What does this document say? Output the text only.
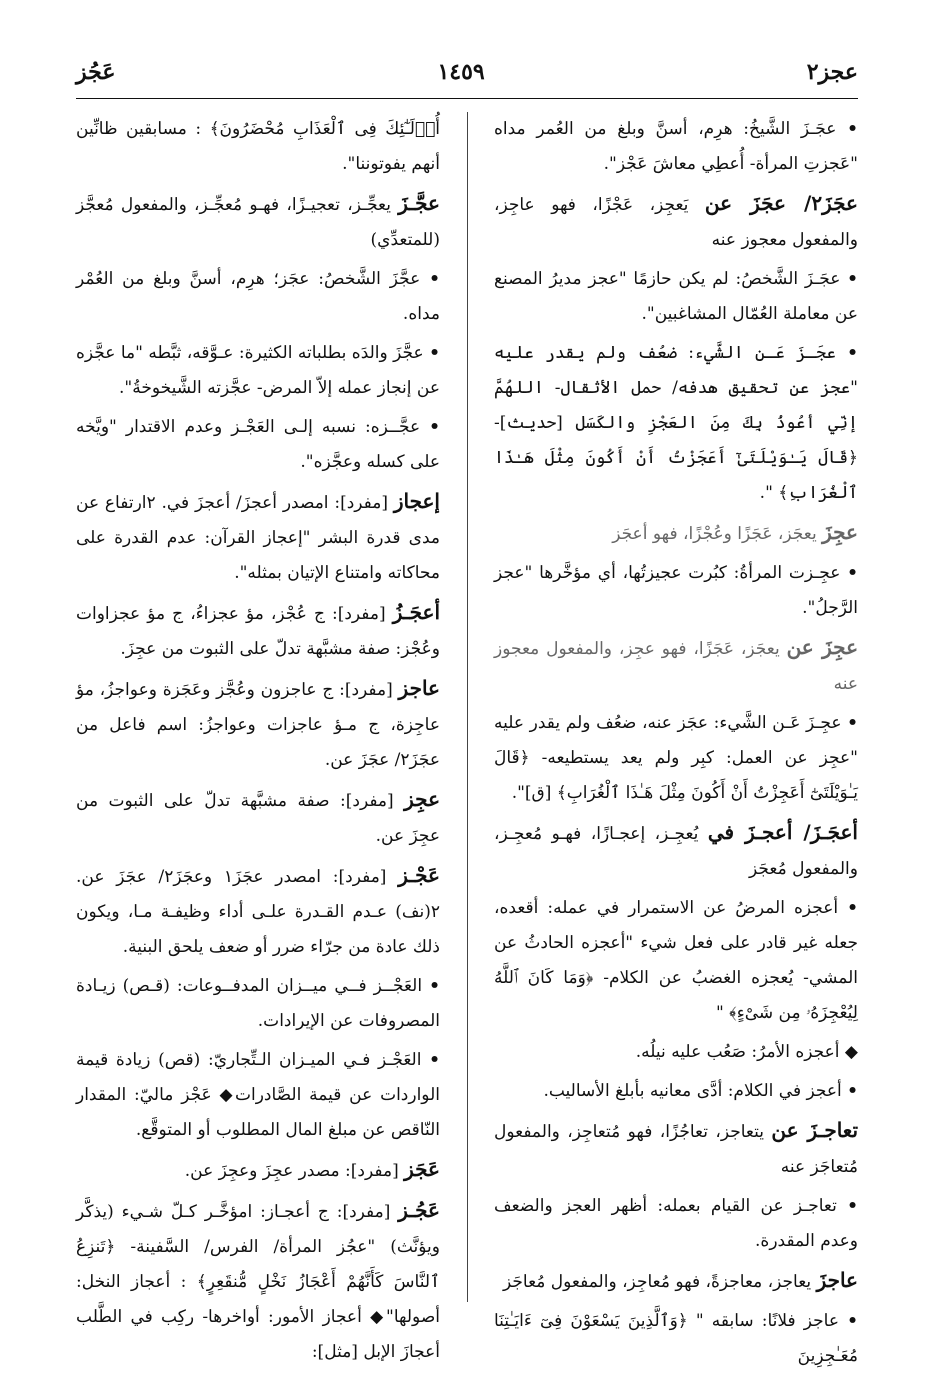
عَجُز	١٤٥٩	عجز٢

• عجَـزَ الشَّيخُ: هرِم، أسنَّ وبلغ من العُمر مداه "عَجزتِ المرأة- أُعطِي معاشَ عَجْز".

عجَزَ٢/ عجَزَ عن يَعجِز، عَجْزًا، فهو عاجِز، والمفعول معجوز عنه

• عجَـزَ الشَّخصُ: لم يكن حازمًا "عجز مديرُ المصنع عن معاملة العُمّال المشاغبين".

• عجَـزَ عَـن الشَّيء: ضعُف ولم يقدر عليه "عجز عن تحقيق هدفه/ حمل الأثقال- اللهُمَّ إنِّي أعُوذُ بِكَ مِنَ العَجْزِ والكَسَل [حديث]- ﴿قَالَ يَـٰوَيْلَتَىٰٓ أَعَجَزْتُ أَنْ أَكُونَ مِثْلَ هَـٰذَا ٱلْغُرَابِ﴾ ".

عجِزَ يعجَز، عَجَزًا وعُجْزًا، فهو أعجَز

• عجِـزت المرأةُ: كبُرت عجيزتُها، أي مؤخَّرها "عجز الرَّجلُ".

عجِزَ عن يعجَز، عَجَزًا، فهو عجِز، والمفعول معجوز عنه

• عجِـزَ عَـن الشَّيء: عجَز عنه، ضعُف ولم يقدر عليه "عجِز عن العمل: كبِر ولم يعد يستطيعه- ﴿قَالَ يَـٰوَيْلَتَىٰٓ أَعَجِزْتُ أَنْ أَكُونَ مِثْلَ هَـٰذَا ٱلْغُرَابِ﴾ [ق]".

أعجَـزَ/ أعجـزَ في يُعجِـز، إعجـازًا، فهـو مُعجِـز، والمفعول مُعجَز

• أعجزه المرضُ عن الاستمرار في عمله: أقعده، جعله غير قادر على فعل شيء "أعجزه الحادثُ عن المشي- يُعجزه الغضبُ عن الكلام- ﴿وَمَا كَانَ ٱللَّهُ لِيُعْجِزَهُۥ مِن شَىْءٍ﴾ "

◆ أعجزه الأمرُ: صَعُب عليه نيلُه.

• أعجز في الكلام: أدَّى معانيه بأبلغ الأساليب.

تعاجـزَ عن يتعاجز، تعاجُزًا، فهو مُتعاجِز، والمفعول مُتعاجَز عنه

• تعاجـز عن القيام بعمله: أظهر العجز والضعف وعدم المقدرة.

عاجزَ يعاجز، معاجزةً، فهو مُعاجِز، والمفعول مُعاجَز

• عاجز فلانًا: سابقه " ﴿وَٱلَّذِينَ يَسْعَوْنَ فِىٓ ءَايَـٰتِنَا مُعَـٰجِزِينَ

أُو۟لَـٰٓئِكَ فِى ٱلْعَذَابِ مُحْضَرُونَ﴾ : مسابقين ظانِّين أنهم يفوتوننا".

عجَّـزَ يعجِّـز، تعجيـزًا، فهـو مُعجِّـز، والمفعول مُعجَّز (للمتعدِّي)

• عجَّزَ الشَّخصُ: عجَز؛ هرِم، أسنَّ وبلغ من العُمْر مداه.

• عجَّزَ والدَه بطلباته الكثيرة: عـوَّقه، ثبَّطه "ما عجَّزه عن إنجاز عمله إلاّ المرض- عجَّزته الشَّيخوخةُ".

• عجَّــزه: نسبه إلـى العَجْـز وعدم الاقتدار "ويَّخه على كسله وعجَّزه".

إعجاز [مفرد]: امصدر أعجزَ/ أعجزَ في. ٢ارتفاع عن مدى قدرة البشر "إعجاز القرآن: عدم القدرة على محاكاته وامتناع الإتيان بمثله".

أعجَـزُ [مفرد]: ج عُجْز، مؤ عجزاءُ، ج مؤ عجزاوات وعُجْز: صفة مشبَّهة تدلّ على الثبوت من عجِزَ.

عاجز [مفرد]: ج عاجزون وعُجَّز وعَجَزة وعواجزُ، مؤ عاجِزة، ج مـؤ عاجزات وعواجزُ: اسم فاعل من عجَزَ٢/ عجَزَ عن.

عجِز [مفرد]: صفة مشبَّهة تدلّ على الثبوت من عجِزَ عن.

عَجْـز [مفرد]: امصدر عجَزَ١ وعجَزَ٢/ عجَزَ عن. ٢(نف) عـدم القـدرة علـى أداء وظيفـة مـا، ويكون ذلك عادة من جرّاء ضرر أو ضعف يلحق البنية.

• العَجْــز فــي ميــزان المدفــوعات: (قـص) زيـادة المصروفات عن الإيرادات.

• العَجْـز فـي الميـزان الـتِّجاريّ: (قص) زيادة قيمة الواردات عن قيمة الصَّادرات◆ عَجْز ماليّ: المقدار النّاقص عن مبلغ المال المطلوب أو المتوقَّع.

عَجَز [مفرد]: مصدر عجِزَ وعجِزَ عن.

عَجُـز [مفرد]: ج أعجـاز: امؤخَّـر كـلّ شـيء (يذكَّر ويؤنَّث) "عجُز المرأة/ الفرس/ السَّفينة- ﴿تَنزِعُ ٱلنَّاسَ كَأَنَّهُمْ أَعْجَازُ نَخْلٍ مُّنقَعِرٍ﴾ : أعجاز النخل: أصولها"◆ أعجاز الأمور: أواخرها- ركِب في الطَّلب أعجازَ الإبل [مثل]:
